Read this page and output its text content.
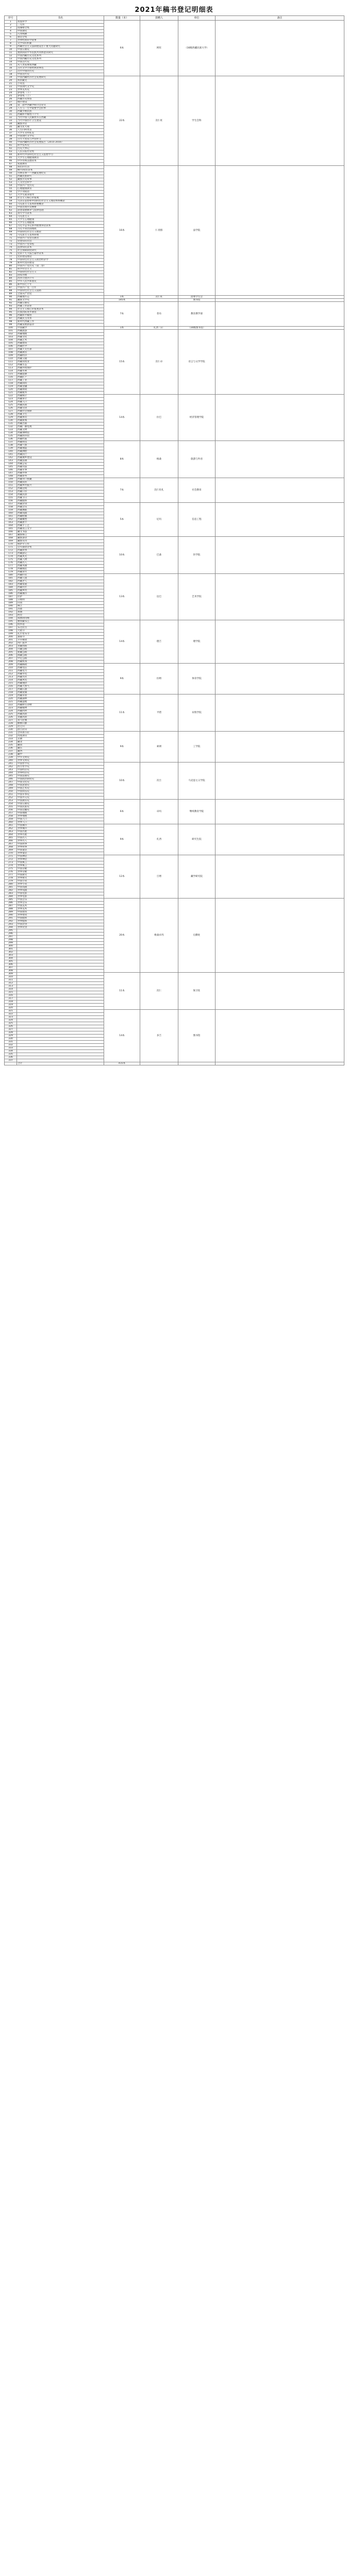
2021年稿书登记明细表
序号	书名	数量（本）	捐赠人	单位	备注
1	我爱科学	6本	阿旺	（16级西藏民族大学）	
2	三毛传				
3	琅琊榜全集				
4	中国通史				
5	巧穿纵横				
6	鲁迅全集				
7	世界经典科学故事				
8	文学知识积累				
9	西藏社会主义法制建设若干重大问题研究				
10	中国宗教史				
11	重新阅读中华民族共同体意识研究				
12	中国西藏历史文化系列				
13	中国西藏历史文化系列				
14	中国古代史				
15	从人类发展看西藏				
16	古代文学手册经典故事选				
17	近代中国的历史				
18	中国近代史				
19	中国西藏经济社会发展研究	22本	次仁旺	学生会科	
20	我的藏文				
21	小说选				
22	中国现代文学史				
23	世界美术史				
24	梦想集（下）				
25	梦想集（上）				
26	西藏历史图鉴				
27	城市建设				
28	第二届中西藏学研讨会论文				
29	人生与一生中最要学会的事				
30	西藏少数民族				
31	西藏和平解放六十年				
32	当代中国人民解放军在西藏				
33	当代中国医疗卫生建设				
34	藏族对话				
35	藏文化大观				
36	人生向何处去				
37	大学生文明礼仪				
38	中国现代文学史				
39	百年大变局与中国外交				
40	中国西藏经济社会发展报告（2015-2016）				
41	科学技术史				
42	历史大事记				
43	人民日报社论集				
44	新时代中国特色社会主义思想学习				
45	大学生心理健康教育				
46	中华传统美德读本				
47	家庭教育				
48	我们的生活	16本	仁青群	法学院	
49	WTO知识读本				
50	竹林乐事——西藏发展纪实				
51	西藏民族研究				
52	藏族历史故事				
53	人文社会科学				
54	中国共产党历史				
55	心理健康教育				
56	学字词成语				
57	大学生就业指导				
58	社会主义核心价值观				
59	毛泽东思想和中国特色社会主义理论体系概论				
60	马克思主义基本原理概论				
61	中国近现代史纲要				
62	思想道德修养与法律基础				
63	青年学习读本				
64	马克思主义				
65	大学生心理健康				
66	大学生心理健康				
67	习近平总书记系列重要讲话读本				
68	习近平谈治国理政				
69	中国特色社会主义理论				
70	马克思主义基本原理				
71	中国共产党党员教育				
72	党建知识问答				
73	中国共产党章程				
74	法律知识读本				
75	社会保障制度研究				
76	党的十九大报告辅导读本				
77	党的建设理论				
78	中国特色社会主义政治经济学				
79	新时代党的建设				
80	中国共产党历史（第二卷）				
81	科学社会主义				
82	中国特色社会主义				
83	国家治理				
84	改革开放四十年				
85	中华人民共和国史				
86	新中国七十年				
87	中国共产党一百年				
88	中国特色社会主义道路				
89	全面从严治党				
90	西藏地方志	1本	次仁旺	团委学生会	
91	藏族文学史	145本		图书馆	
92	西藏宗教史	7本	普布	教育教学部	
93	西藏工作论述				
94	社会主义核心价值观读本				
95	民族团结进步教育				
96	西藏和平解放				
97	西藏民主改革				
98	新时代西藏工作				
99	西藏发展新篇章				
100	中国藏学	1本	扎西（1）	（16级图书馆）	
101	西藏旅游	15本	次仁卓	语言与文学学院	
102	西藏地理				
103	西藏文化				
104	西藏艺术				
105	西藏建筑				
106	西藏医学				
107	西藏天文历算				
108	西藏教育				
109	西藏经济				
110	西藏交通				
111	西藏农牧业				
112	西藏生态				
113	西藏环境保护				
114	西藏水利				
115	西藏能源				
116	西藏矿产				
117	西藏工业				
118	西藏商贸				
119	西藏金融				
120	西藏财政				
121	西藏税务				
122	西藏统计	14本	拉巴	经济管理学院	
123	西藏审计				
124	西藏人口				
125	西藏民政				
126	西藏劳动				
127	西藏社会保障				
128	西藏卫生				
129	西藏体育				
130	西藏新闻				
131	西藏出版				
132	西藏广播电视				
133	西藏文物				
134	西藏博物馆				
135	西藏图书馆				
136	西藏档案				
137	西藏科技	8本	格桑	旅游与外语	
138	西藏气象				
139	西藏地震				
140	西藏测绘				
141	西藏国土				
142	西藏城乡建设				
143	西藏法制				
144	西藏公安				
145	西藏司法				
146	西藏军事				
147	西藏外事				
148	西藏侨务				
149	西藏对口援藏	7本	次仁旺扎	社会教育	
150	西藏扶贫				
151	西藏乡村振兴				
152	西藏边境				
153	西藏口岸				
154	西藏民俗				
155	西藏节日				
156	西藏服饰				
157	西藏饮食	5本	尼玛	信息工程	
158	西藏音乐				
159	西藏舞蹈				
160	西藏戏剧				
161	西藏绘画				
162	西藏雕塑				
163	西藏唐卡				
164	西藏手工艺				
165	西藏语言文字				
166	藏文书法				
167	藏族格言				
168	藏族谚语	10本	巴桑	医学院	
169	藏族史诗				
170	格萨尔王传				
171	仓央嘉措诗集				
172	西藏故事				
173	西藏游记				
174	西藏风光				
175	西藏人物				
176	西藏名人				
177	西藏英雄				
178	西藏模范				
179	西藏青年				
180	西藏妇女	13本	边巴	艺术学院	
181	西藏儿童				
182	西藏老人				
183	西藏家庭				
184	西藏社区				
185	西藏乡村				
186	西藏城市				
187	拉萨				
188	日喀则				
189	山南				
190	林芝				
191	昌都				
192	那曲				
193	阿里				
194	珠穆朗玛峰				
195	雅鲁藏布江	14本	德吉	理学院	
196	纳木错				
197	布达拉宫				
198	大昭寺				
199	扎什伦布寺				
200	桑耶寺				
201	羊卓雍错				
202	冈仁波齐				
203	青藏铁路				
204	川藏公路				
205	新藏公路				
206	滇藏公路				
207	中尼公路				
208	西藏机场				
209	西藏邮政	9本	拉姆	体育学院	
210	西藏电信				
211	西藏电力				
212	西藏水电				
213	西藏光伏				
214	西藏风电				
215	西藏地热				
216	西藏天然气				
217	西藏石油				
218	西藏盐湖				
219	西藏草原	11本	平措	农牧学院	
220	西藏森林				
221	西藏湿地				
222	西藏野生动物				
223	西藏植物				
224	西藏药材				
225	西藏高原				
226	青藏高原				
227	喜马拉雅				
228	横断山脉				
229	昆仑山				
230	唐古拉山				
231	念青唐古拉	9本	索朗	工学院	
232	冈底斯山				
233	羌塘				
234	藏北				
235	藏南				
236	藏东				
237	藏西				
238	藏中				
239	中华文明史				
240	世界文明史				
241	中国哲学史	10本	次旦	马克思主义学院	
242	西方哲学史				
243	中国经济史				
244	世界经济史				
245	中国法制史				
246	中国政治制度史				
247	中国文化史				
248	中国思想史				
249	中国艺术史				
250	中国科技史				
251	中国军事史				
252	中国外交史				
253	中国教育史	6本	卓玛	继续教育学院	
254	中国宗教史				
255	中国民族史				
256	中国边疆史				
257	中国地理				
258	世界地理				
259	中国人口				
260	世界人口				
261	中国城市	9本	扎西	研究生院	
262	世界城市				
263	中国名胜				
264	世界名胜				
265	中国名人				
266	世界名人				
267	中国故事				
268	世界故事				
269	中国童话				
270	世界童话				
271	中国神话	12本	旦增	藏学研究院	
272	世界神话				
273	中国寓言				
274	世界寓言				
275	中国诗歌				
276	世界诗歌				
277	中国散文				
278	世界散文				
279	中国小说				
280	世界小说				
281	中国戏剧				
282	世界戏剧				
283	中国电影				
284	世界电影				
285	中国音乐	20本	格桑卓玛	后勤处	
286	世界音乐				
287	中国美术				
288	世界美术				
289	中国建筑				
290	世界建筑				
291	中国服饰				
292	世界服饰				
293	中国饮食				
294	世界饮食				
295					
296					
297					
298					
299					
300					
301					
302					
303					
304					
305					
306					
307					
308					
309		11本	次仁	保卫处	
310					
311					
312					
313					
314					
315					
316					
317					
318					
319					
320					
321		14本	多吉	图书馆	
322					
323					
324					
325					
326					
327					
328					
329					
330					
331					
332					
333					
334					
335					
336					
337					
	合计	415本			
